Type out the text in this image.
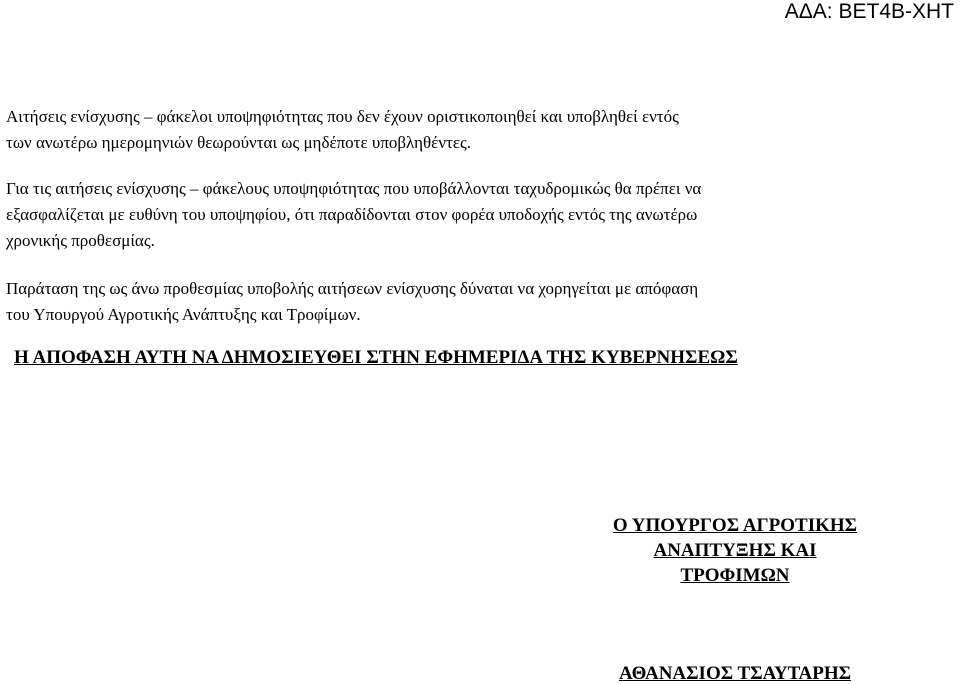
ΑΔΑ: ΒΕΤ4Β-ΧΗΤ
Αιτήσεις ενίσχυσης – φάκελοι υποψηφιότητας που δεν έχουν οριστικοποιηθεί και υποβληθεί εντός
των ανωτέρω ημερομηνιών θεωρούνται ως μηδέποτε υποβληθέντες.
Για τις αιτήσεις ενίσχυσης – φάκελους υποψηφιότητας που υποβάλλονται ταχυδρομικώς θα πρέπει να
εξασφαλίζεται με ευθύνη του υποψηφίου, ότι παραδίδονται στον φορέα υποδοχής εντός της ανωτέρω
χρονικής προθεσμίας.
Παράταση της ως άνω προθεσμίας υποβολής αιτήσεων ενίσχυσης δύναται να χορηγείται με απόφαση
του Υπουργού Αγροτικής Ανάπτυξης και Τροφίμων.
Η ΑΠΟΦΑΣΗ ΑΥΤΗ ΝΑ ΔΗΜΟΣΙΕΥΘΕΙ ΣΤΗΝ ΕΦΗΜΕΡΙΔΑ ΤΗΣ ΚΥΒΕΡΝΗΣΕΩΣ
Ο ΥΠΟΥΡΓΟΣ ΑΓΡΟΤΙΚΗΣ
ΑΝΑΠΤΥΞΗΣ ΚΑΙ
ΤΡΟΦΙΜΩΝ
ΑΘΑΝΑΣΙΟΣ ΤΣΑΥΤΑΡΗΣ
